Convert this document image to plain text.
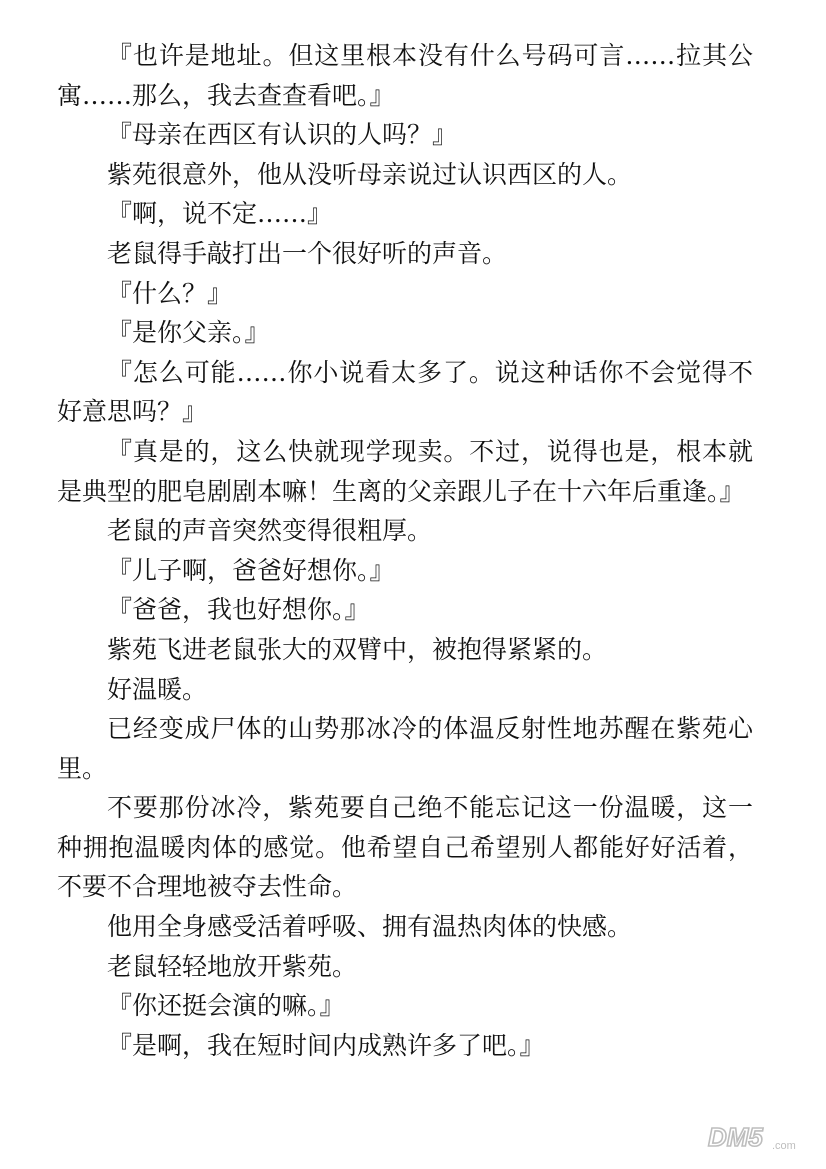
『也许是地址。但这里根本没有什么号码可言……拉其公寓……那么，我去查查看吧。』

『母亲在西区有认识的人吗？』

紫苑很意外，他从没听母亲说过认识西区的人。

『啊，说不定……』

老鼠得手敲打出一个很好听的声音。

『什么？』

『是你父亲。』

『怎么可能……你小说看太多了。说这种话你不会觉得不好意思吗？』

『真是的，这么快就现学现卖。不过，说得也是，根本就是典型的肥皂剧剧本嘛！生离的父亲跟儿子在十六年后重逢。』

老鼠的声音突然变得很粗厚。

『儿子啊，爸爸好想你。』

『爸爸，我也好想你。』

紫苑飞进老鼠张大的双臂中，被抱得紧紧的。

好温暖。

已经变成尸体的山势那冰冷的体温反射性地苏醒在紫苑心里。

不要那份冰冷，紫苑要自己绝不能忘记这一份温暖，这一种拥抱温暖肉体的感觉。他希望自己希望别人都能好好活着，不要不合理地被夺去性命。

他用全身感受活着呼吸、拥有温热肉体的快感。

老鼠轻轻地放开紫苑。

『你还挺会演的嘛。』

『是啊，我在短时间内成熟许多了吧。』

DM5 .com
